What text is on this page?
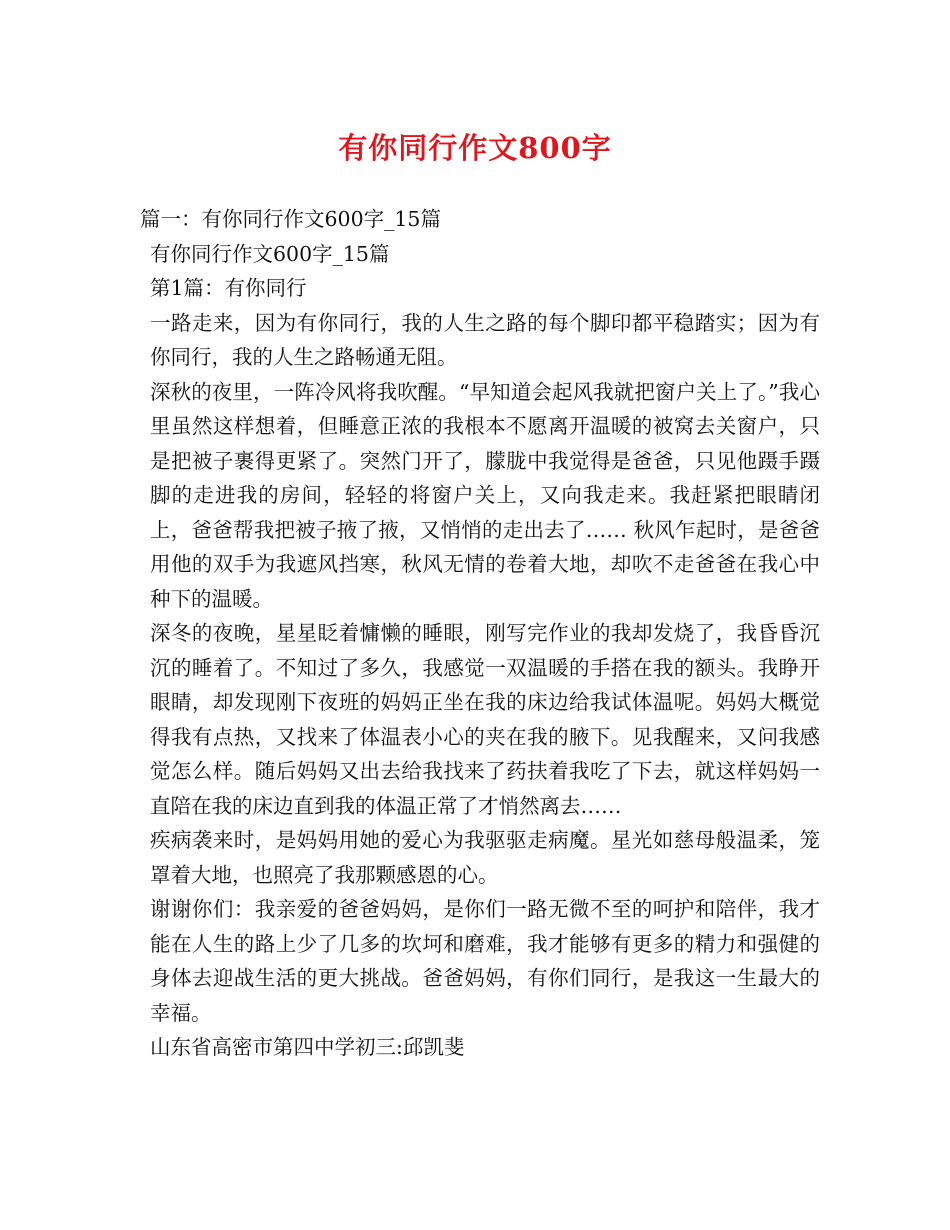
有你同行作文800字

篇一：有你同行作文600字_15篇

有你同行作文600字_15篇

第1篇：有你同行

一路走来，因为有你同行，我的人生之路的每个脚印都平稳踏实；因为有你同行，我的人生之路畅通无阻。

深秋的夜里，一阵冷风将我吹醒。“早知道会起风我就把窗户关上了。”我心里虽然这样想着，但睡意正浓的我根本不愿离开温暖的被窝去关窗户，只是把被子裹得更紧了。突然门开了，朦胧中我觉得是爸爸，只见他蹑手蹑脚的走进我的房间，轻轻的将窗户关上，又向我走来。我赶紧把眼睛闭上，爸爸帮我把被子掖了掖，又悄悄的走出去了…… 秋风乍起时，是爸爸用他的双手为我遮风挡寒，秋风无情的卷着大地，却吹不走爸爸在我心中种下的温暖。

深冬的夜晚，星星眨着慵懒的睡眼，刚写完作业的我却发烧了，我昏昏沉沉的睡着了。不知过了多久，我感觉一双温暖的手搭在我的额头。我睁开眼睛，却发现刚下夜班的妈妈正坐在我的床边给我试体温呢。妈妈大概觉得我有点热，又找来了体温表小心的夹在我的腋下。见我醒来，又问我感觉怎么样。随后妈妈又出去给我找来了药扶着我吃了下去，就这样妈妈一直陪在我的床边直到我的体温正常了才悄然离去……

疾病袭来时，是妈妈用她的爱心为我驱驱走病魔。星光如慈母般温柔，笼罩着大地，也照亮了我那颗感恩的心。

谢谢你们：我亲爱的爸爸妈妈，是你们一路无微不至的呵护和陪伴，我才能在人生的路上少了几多的坎坷和磨难，我才能够有更多的精力和强健的身体去迎战生活的更大挑战。爸爸妈妈，有你们同行，是我这一生最大的幸福。

山东省高密市第四中学初三:邱凯斐
